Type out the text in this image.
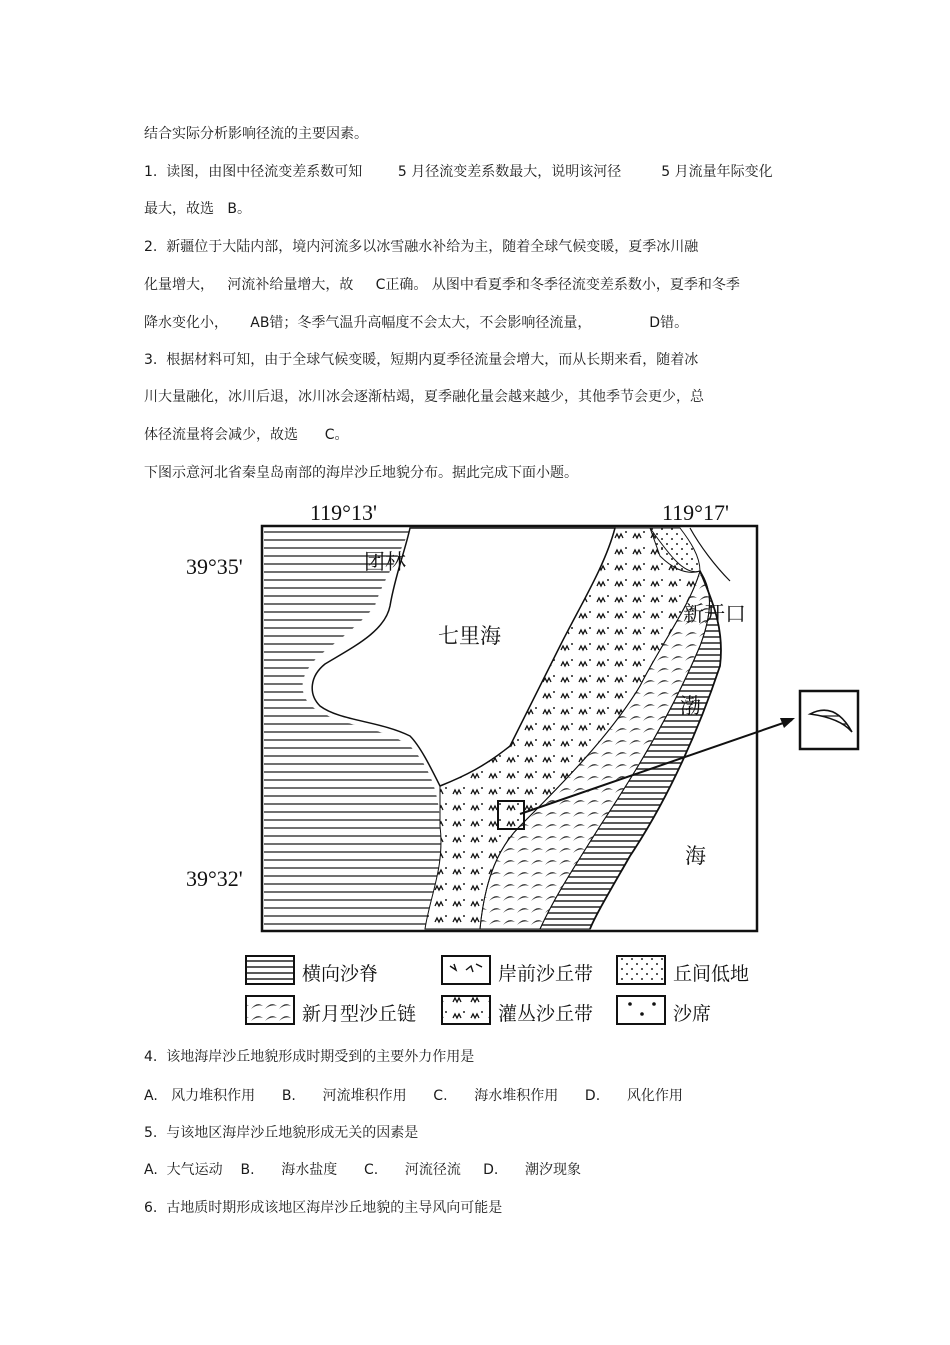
结合实际分析影响径流的主要因素。
1.  读图，由图中径流变差系数可知        5 月径流变差系数最大，说明该河径         5 月流量年际变化
最大，故选   B。
2.  新疆位于大陆内部，境内河流多以冰雪融水补给为主，随着全球气候变暖，夏季冰川融
化量增大，   河流补给量增大，故     C正确。 从图中看夏季和冬季径流变差系数小，夏季和冬季
降水变化小，     AB错；冬季气温升高幅度不会太大，不会影响径流量，             D错。
3.  根据材料可知，由于全球气候变暖，短期内夏季径流量会增大，而从长期来看，随着冰
川大量融化，冰川后退，冰川冰会逐渐枯竭，夏季融化量会越来越少，其他季节会更少，总
体径流量将会减少，故选      C。
下图示意河北省秦皇岛南部的海岸沙丘地貌分布。据此完成下面小题。
119°13'	119°17'
39°35'
39°32'
团林
七里海
新开口
渤
海
横向沙脊	岸前沙丘带	丘间低地
新月型沙丘链	灌丛沙丘带	沙席
4.  该地海岸沙丘地貌形成时期受到的主要外力作用是
A.   风力堆积作用      B.      河流堆积作用      C.      海水堆积作用      D.      风化作用
5.  与该地区海岸沙丘地貌形成无关的因素是
A.  大气运动    B.      海水盐度      C.      河流径流     D.      潮汐现象
6.  古地质时期形成该地区海岸沙丘地貌的主导风向可能是
